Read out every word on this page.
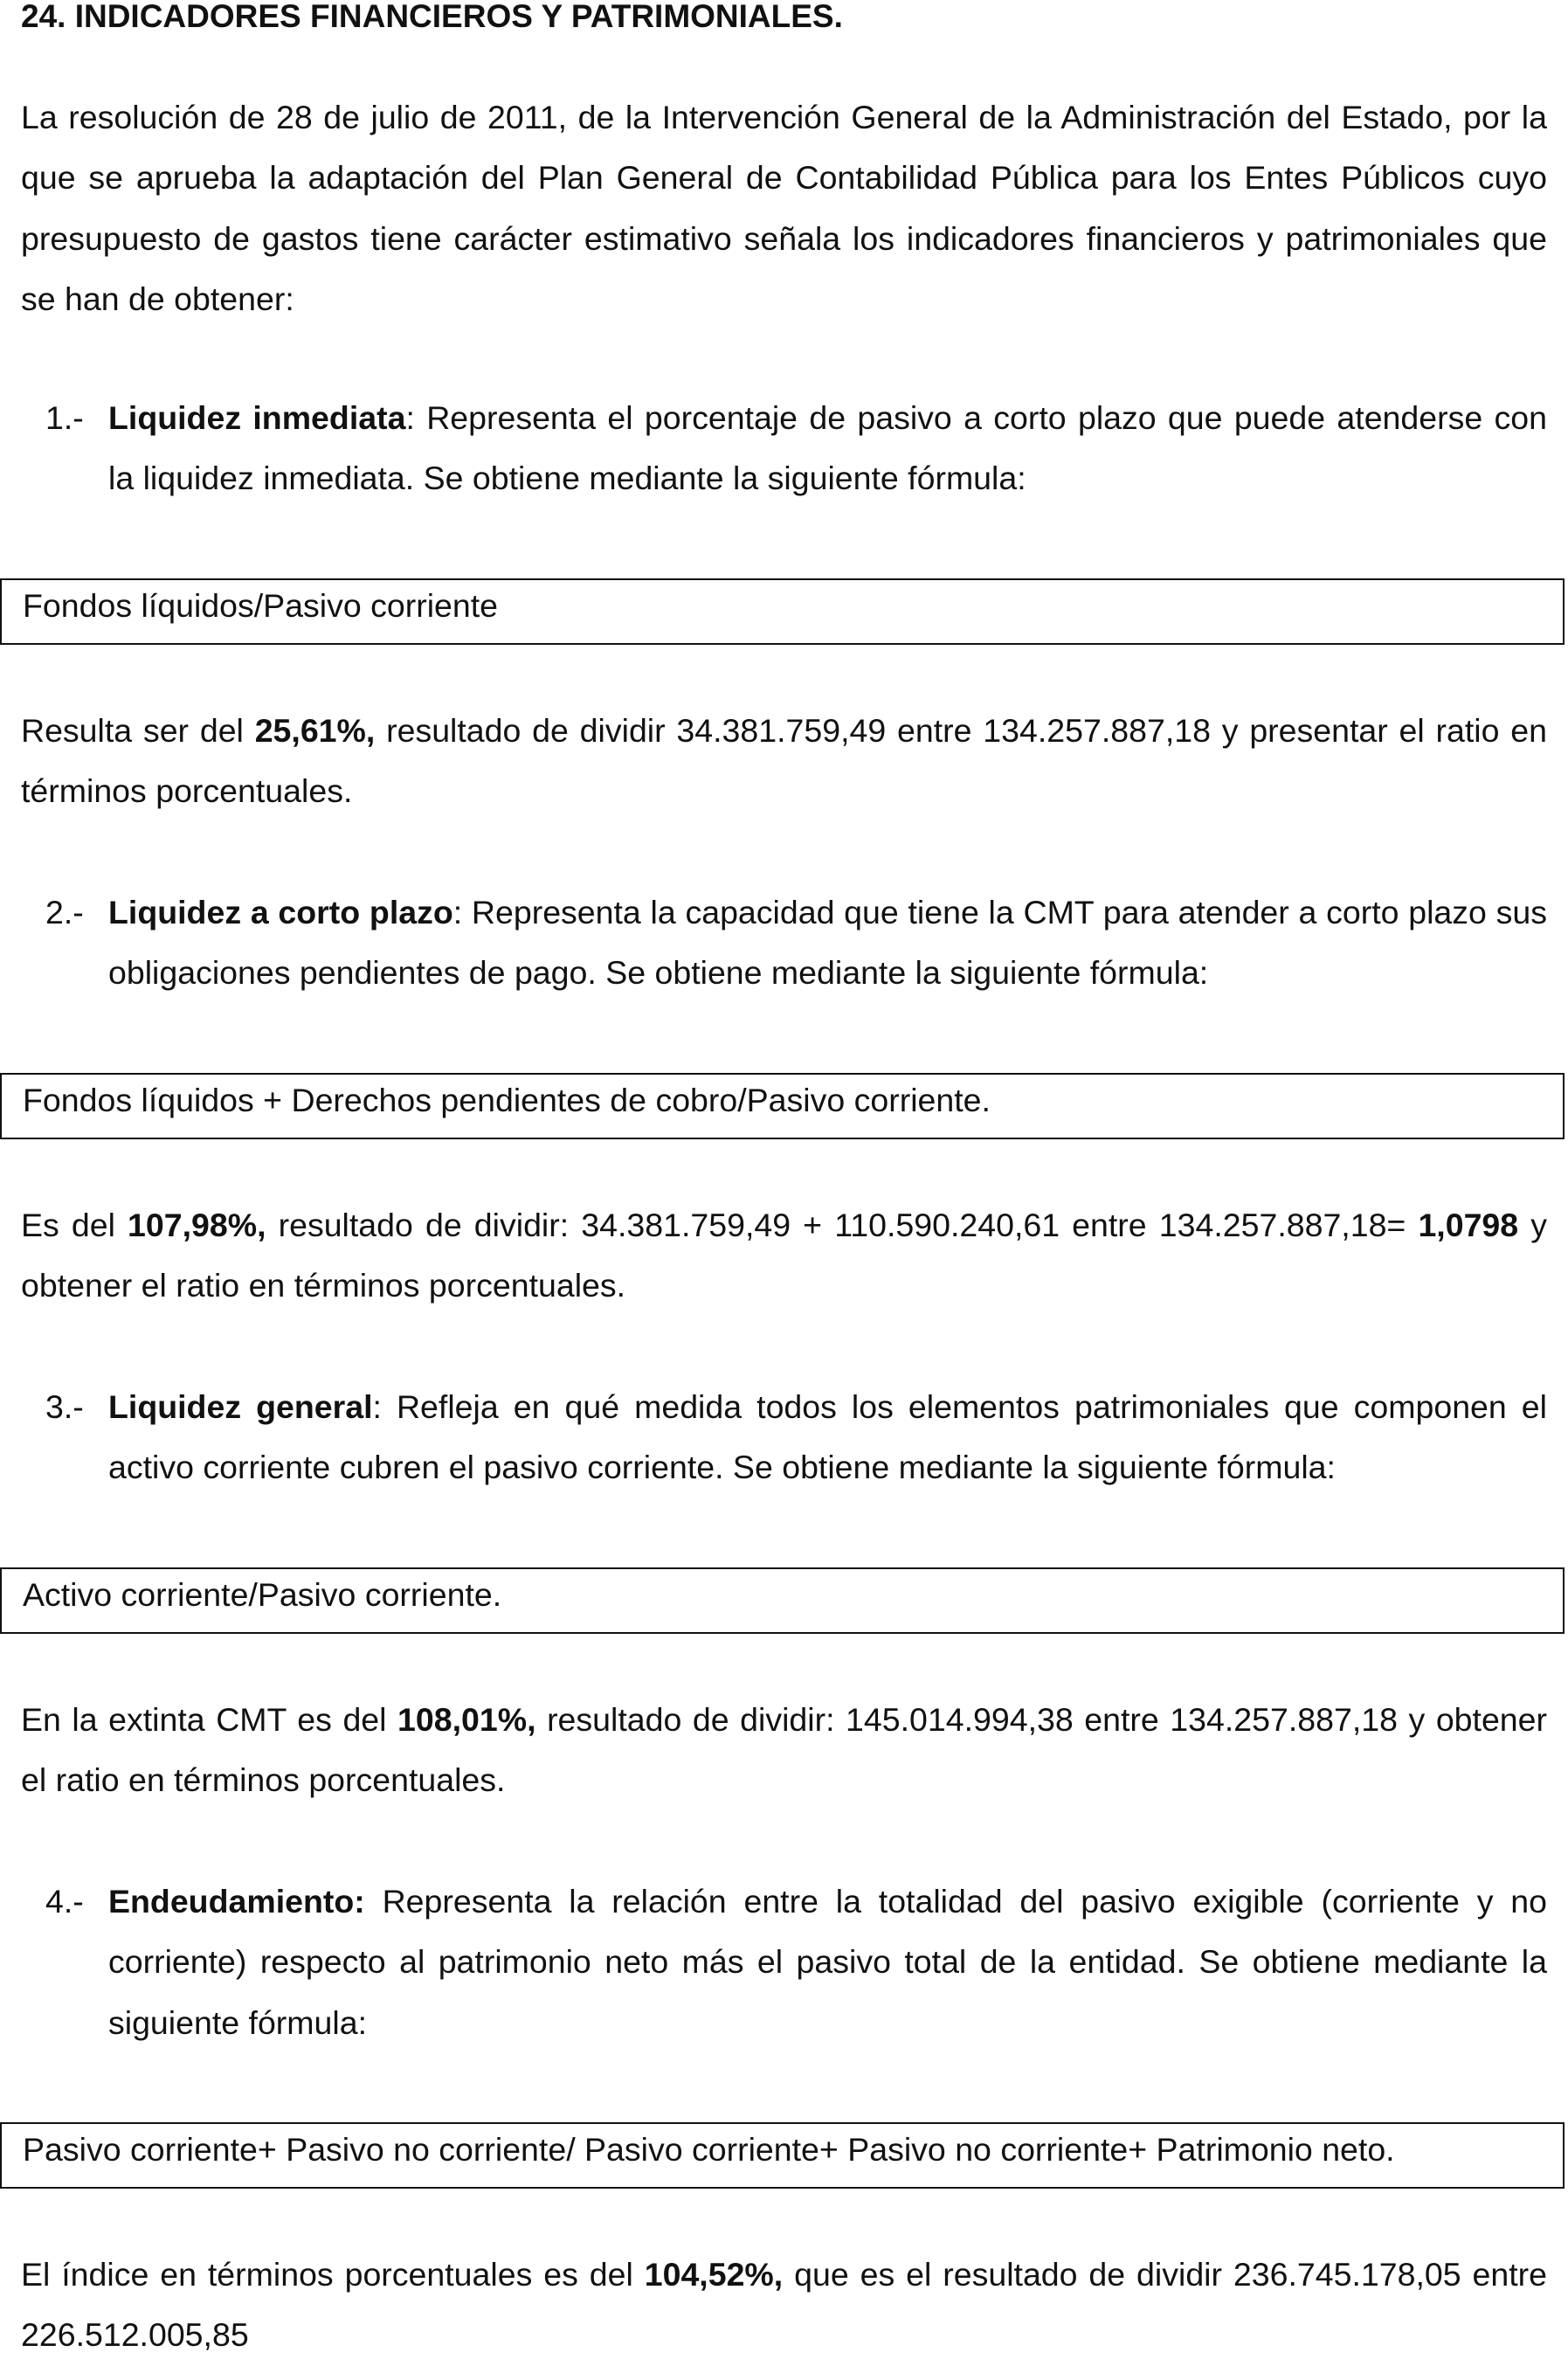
24. INDICADORES FINANCIEROS Y PATRIMONIALES.

La resolución de 28 de julio de 2011, de la Intervención General de la Administración del Estado, por la que se aprueba la adaptación del Plan General de Contabilidad Pública para los Entes Públicos cuyo presupuesto de gastos tiene carácter estimativo señala los indicadores financieros y patrimoniales que se han de obtener:

1.- Liquidez inmediata: Representa el porcentaje de pasivo a corto plazo que puede atenderse con la liquidez inmediata. Se obtiene mediante la siguiente fórmula:
Fondos líquidos/Pasivo corriente

Resulta ser del 25,61%, resultado de dividir 34.381.759,49 entre 134.257.887,18 y presentar el ratio en términos porcentuales.

2.- Liquidez a corto plazo: Representa la capacidad que tiene la CMT para atender a corto plazo sus obligaciones pendientes de pago. Se obtiene mediante la siguiente fórmula:
Fondos líquidos + Derechos pendientes de cobro/Pasivo corriente.

Es del 107,98%, resultado de dividir: 34.381.759,49 + 110.590.240,61 entre 134.257.887,18= 1,0798 y obtener el ratio en términos porcentuales.

3.- Liquidez general: Refleja en qué medida todos los elementos patrimoniales que componen el activo corriente cubren el pasivo corriente. Se obtiene mediante la siguiente fórmula:
Activo corriente/Pasivo corriente.

En la extinta CMT es del 108,01%, resultado de dividir: 145.014.994,38 entre 134.257.887,18 y obtener el ratio en términos porcentuales.

4.- Endeudamiento: Representa la relación entre la totalidad del pasivo exigible (corriente y no corriente) respecto al patrimonio neto más el pasivo total de la entidad. Se obtiene mediante la siguiente fórmula:
Pasivo corriente+ Pasivo no corriente/ Pasivo corriente+ Pasivo no corriente+ Patrimonio neto.

El índice en términos porcentuales es del 104,52%, que es el resultado de dividir 236.745.178,05 entre 226.512.005,85
